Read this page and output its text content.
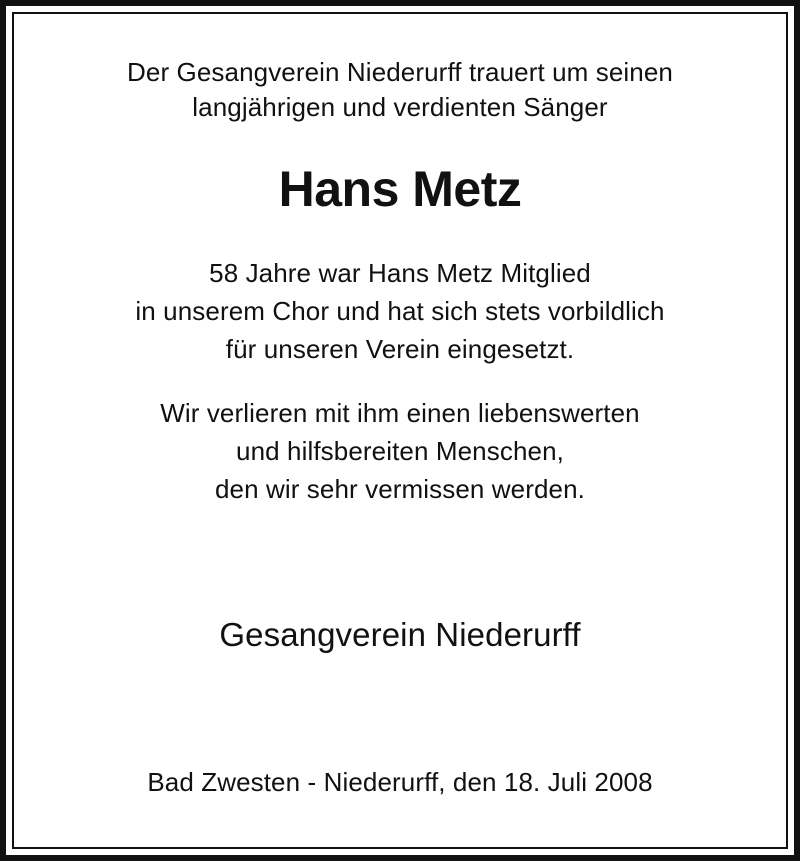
Der Gesangverein Niederurff trauert um seinen
langjährigen und verdienten Sänger
Hans Metz
58 Jahre war Hans Metz Mitglied
in unserem Chor und hat sich stets vorbildlich
für unseren Verein eingesetzt.
Wir verlieren mit ihm einen liebenswerten
und hilfsbereiten Menschen,
den wir sehr vermissen werden.
Gesangverein Niederurff
Bad Zwesten - Niederurff, den 18. Juli 2008
